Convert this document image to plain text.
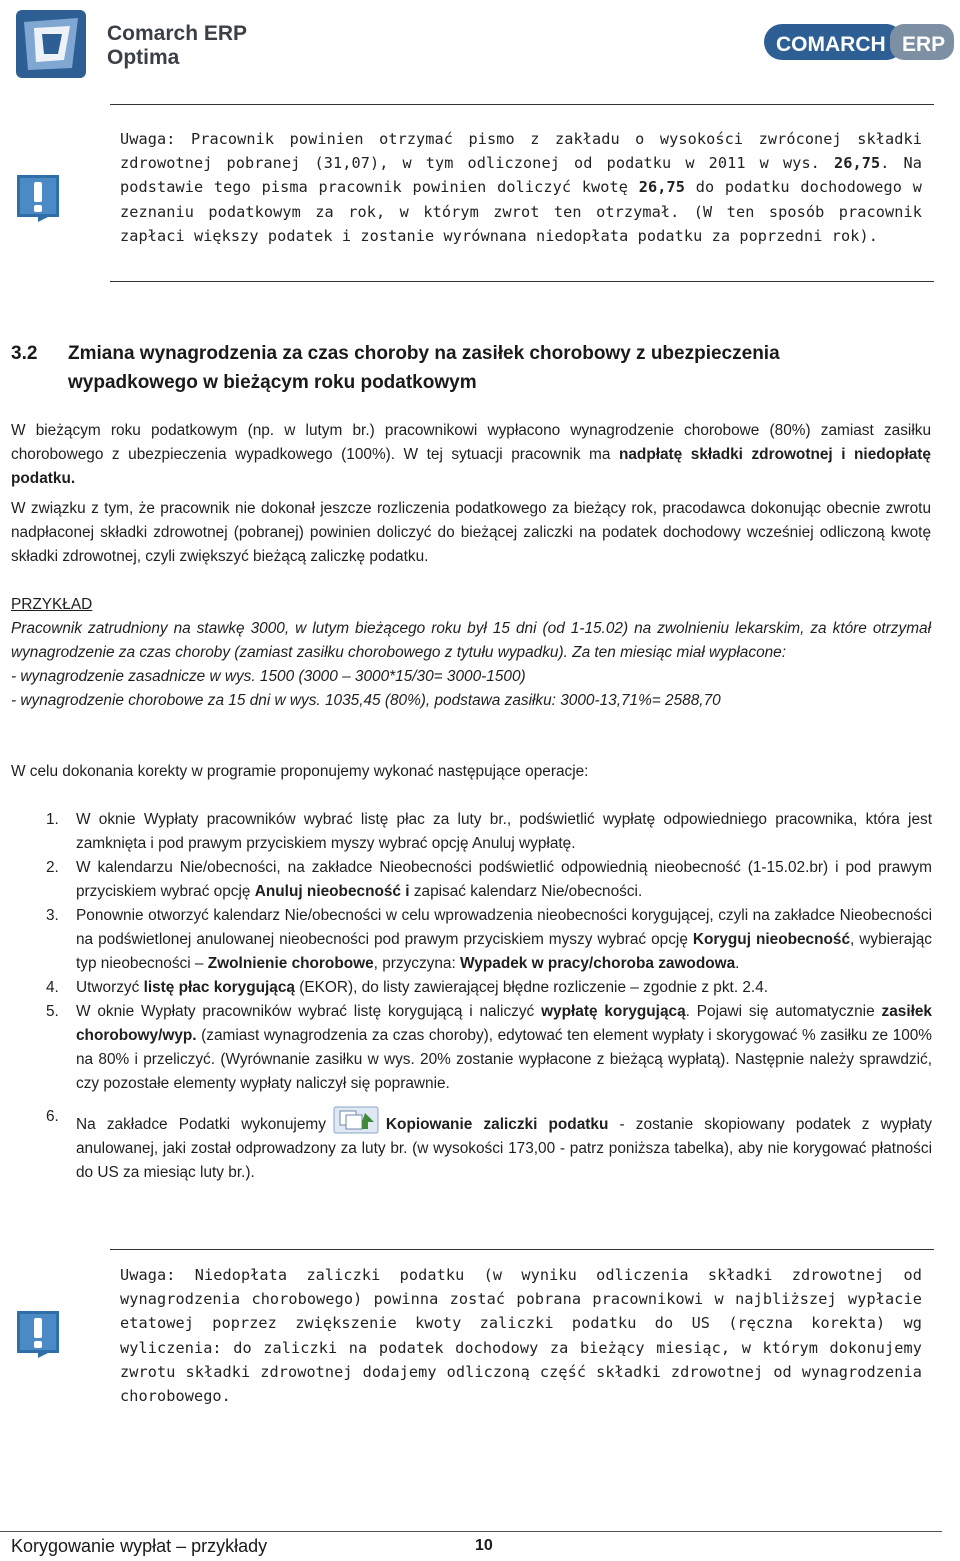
Comarch ERP
Optima
COMARCH ERP
Uwaga: Pracownik powinien otrzymać pismo z zakładu o wysokości zwróconej składki zdrowotnej pobranej (31,07), w tym odliczonej od podatku w 2011 w wys. 26,75. Na podstawie tego pisma pracownik powinien doliczyć kwotę 26,75 do podatku dochodowego w zeznaniu podatkowym za rok, w którym zwrot ten otrzymał. (W ten sposób pracownik zapłaci większy podatek i zostanie wyrównana niedopłata podatku za poprzedni rok).
3.2 Zmiana wynagrodzenia za czas choroby na zasiłek chorobowy z ubezpieczenia wypadkowego w bieżącym roku podatkowym
W bieżącym roku podatkowym (np. w lutym br.) pracownikowi wypłacono wynagrodzenie chorobowe (80%) zamiast zasiłku chorobowego z ubezpieczenia wypadkowego (100%). W tej sytuacji pracownik ma nadpłatę składki zdrowotnej i niedopłatę podatku.
W związku z tym, że pracownik nie dokonał jeszcze rozliczenia podatkowego za bieżący rok, pracodawca dokonując obecnie zwrotu nadpłaconej składki zdrowotnej (pobranej) powinien doliczyć do bieżącej zaliczki na podatek dochodowy wcześniej odliczoną kwotę składki zdrowotnej, czyli zwiększyć bieżącą zaliczkę podatku.
PRZYKŁAD
Pracownik zatrudniony na stawkę 3000, w lutym bieżącego roku był 15 dni (od 1-15.02) na zwolnieniu lekarskim, za które otrzymał wynagrodzenie za czas choroby (zamiast zasiłku chorobowego z tytułu wypadku). Za ten miesiąc miał wypłacone:
- wynagrodzenie zasadnicze w wys. 1500 (3000 – 3000*15/30= 3000-1500)
- wynagrodzenie chorobowe za 15 dni w wys. 1035,45 (80%), podstawa zasiłku: 3000-13,71%= 2588,70
W celu dokonania korekty w programie proponujemy wykonać następujące operacje:

1. W oknie Wypłaty pracowników wybrać listę płac za luty br., podświetlić wypłatę odpowiedniego pracownika, która jest zamknięta i pod prawym przyciskiem myszy wybrać opcję Anuluj wypłatę.

2. W kalendarzu Nie/obecności, na zakładce Nieobecności podświetlić odpowiednią nieobecność (1-15.02.br) i pod prawym przyciskiem wybrać opcję Anuluj nieobecność i zapisać kalendarz Nie/obecności.

3. Ponownie otworzyć kalendarz Nie/obecności w celu wprowadzenia nieobecności korygującej, czyli na zakładce Nieobecności na podświetlonej anulowanej nieobecności pod prawym przyciskiem myszy wybrać opcję Koryguj nieobecność, wybierając typ nieobecności – Zwolnienie chorobowe, przyczyna: Wypadek w pracy/choroba zawodowa.

4. Utworzyć listę płac korygującą (EKOR), do listy zawierającej błędne rozliczenie – zgodnie z pkt. 2.4.

5. W oknie Wypłaty pracowników wybrać listę korygującą i naliczyć wypłatę korygującą. Pojawi się automatycznie zasiłek chorobowy/wyp. (zamiast wynagrodzenia za czas choroby), edytować ten element wypłaty i skorygować % zasiłku ze 100% na 80% i przeliczyć. (Wyrównanie zasiłku w wys. 20% zostanie wypłacone z bieżącą wypłatą). Następnie należy sprawdzić, czy pozostałe elementy wypłaty naliczył się poprawnie.

6. Na zakładce Podatki wykonujemy	Kopiowanie zaliczki podatku - zostanie skopiowany podatek z wypłaty anulowanej, jaki został odprowadzony za luty br. (w wysokości 173,00 - patrz poniższa tabelka), aby nie korygować płatności do US za miesiąc luty br.).

Uwaga: Niedopłata zaliczki podatku (w wyniku odliczenia składki zdrowotnej od wynagrodzenia chorobowego) powinna zostać pobrana pracownikowi w najbliższej wypłacie etatowej poprzez zwiększenie kwoty zaliczki podatku do US (ręczna korekta) wg wyliczenia: do zaliczki na podatek dochodowy za bieżący miesiąc, w którym dokonujemy zwrotu składki zdrowotnej dodajemy odliczoną część składki zdrowotnej od wynagrodzenia chorobowego.
Korygowanie wypłat – przykłady	10
